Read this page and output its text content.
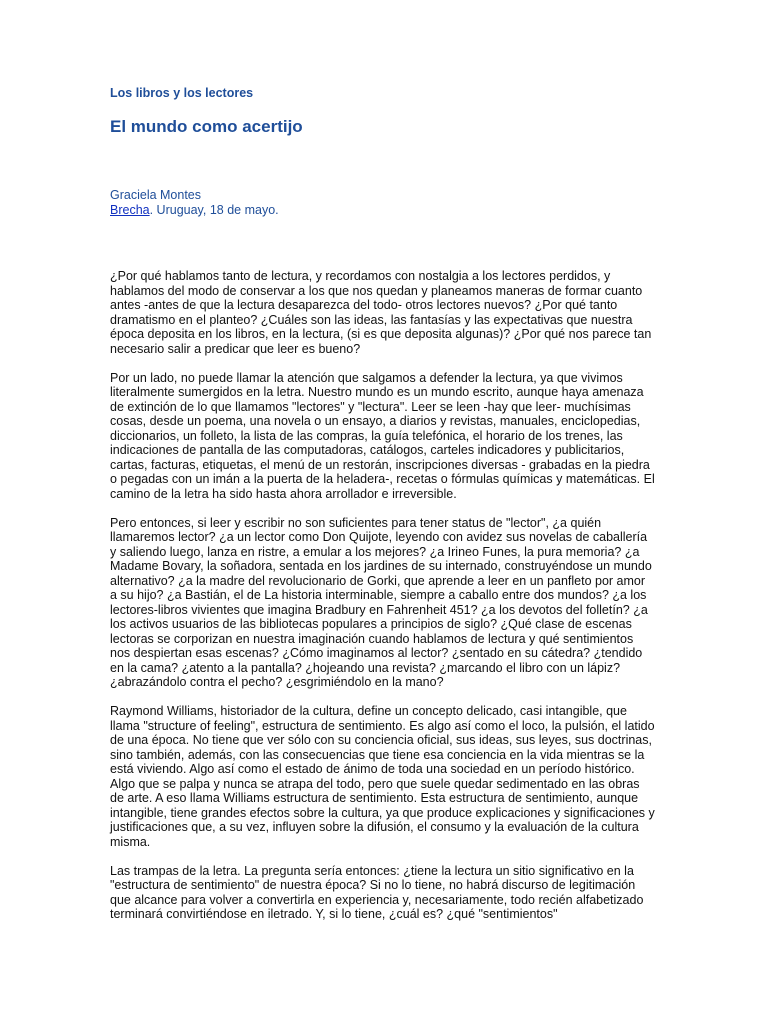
Los libros y los lectores
El mundo como acertijo
Graciela Montes
Brecha. Uruguay, 18 de mayo.

¿Por qué hablamos tanto de lectura, y recordamos con nostalgia a los lectores perdidos, y hablamos del modo de conservar a los que nos quedan y planeamos maneras de formar cuanto antes -antes de que la lectura desaparezca del todo- otros lectores nuevos? ¿Por qué tanto dramatismo en el planteo? ¿Cuáles son las ideas, las fantasías y las expectativas que nuestra época deposita en los libros, en la lectura, (si es que deposita algunas)? ¿Por qué nos parece tan necesario salir a predicar que leer es bueno?

Por un lado, no puede llamar la atención que salgamos a defender la lectura, ya que vivimos literalmente sumergidos en la letra. Nuestro mundo es un mundo escrito, aunque haya amenaza de extinción de lo que llamamos "lectores" y "lectura". Leer se leen -hay que leer- muchísimas cosas, desde un poema, una novela o un ensayo, a diarios y revistas, manuales, enciclopedias, diccionarios, un folleto, la lista de las compras, la guía telefónica, el horario de los trenes, las indicaciones de pantalla de las computadoras, catálogos, carteles indicadores y publicitarios, cartas, facturas, etiquetas, el menú de un restorán, inscripciones diversas - grabadas en la piedra o pegadas con un imán a la puerta de la heladera-, recetas o fórmulas químicas y matemáticas. El camino de la letra ha sido hasta ahora arrollador e irreversible.

Pero entonces, si leer y escribir no son suficientes para tener status de "lector", ¿a quién llamaremos lector? ¿a un lector como Don Quijote, leyendo con avidez sus novelas de caballería y saliendo luego, lanza en ristre, a emular a los mejores? ¿a Irineo Funes, la pura memoria? ¿a Madame Bovary, la soñadora, sentada en los jardines de su internado, construyéndose un mundo alternativo? ¿a la madre del revolucionario de Gorki, que aprende a leer en un panfleto por amor a su hijo? ¿a Bastián, el de La historia interminable, siempre a caballo entre dos mundos? ¿a los lectores-libros vivientes que imagina Bradbury en Fahrenheit 451? ¿a los devotos del folletín? ¿a los activos usuarios de las bibliotecas populares a principios de siglo? ¿Qué clase de escenas lectoras se corporizan en nuestra imaginación cuando hablamos de lectura y qué sentimientos nos despiertan esas escenas? ¿Cómo imaginamos al lector? ¿sentado en su cátedra? ¿tendido en la cama? ¿atento a la pantalla? ¿hojeando una revista? ¿marcando el libro con un lápiz? ¿abrazándolo contra el pecho? ¿esgrimiéndolo en la mano?

Raymond Williams, historiador de la cultura, define un concepto delicado, casi intangible, que llama "structure of feeling", estructura de sentimiento. Es algo así como el loco, la pulsión, el latido de una época. No tiene que ver sólo con su conciencia oficial, sus ideas, sus leyes, sus doctrinas, sino también, además, con las consecuencias que tiene esa conciencia en la vida mientras se la está viviendo. Algo así como el estado de ánimo de toda una sociedad en un período histórico. Algo que se palpa y nunca se atrapa del todo, pero que suele quedar sedimentado en las obras de arte. A eso llama Williams estructura de sentimiento. Esta estructura de sentimiento, aunque intangible, tiene grandes efectos sobre la cultura, ya que produce explicaciones y significaciones y justificaciones que, a su vez, influyen sobre la difusión, el consumo y la evaluación de la cultura misma.

Las trampas de la letra. La pregunta sería entonces: ¿tiene la lectura un sitio significativo en la "estructura de sentimiento" de nuestra época? Si no lo tiene, no habrá discurso de legitimación que alcance para volver a convertirla en experiencia y, necesariamente, todo recién alfabetizado terminará convirtiéndose en iletrado. Y, si lo tiene, ¿cuál es? ¿qué "sentimientos"
